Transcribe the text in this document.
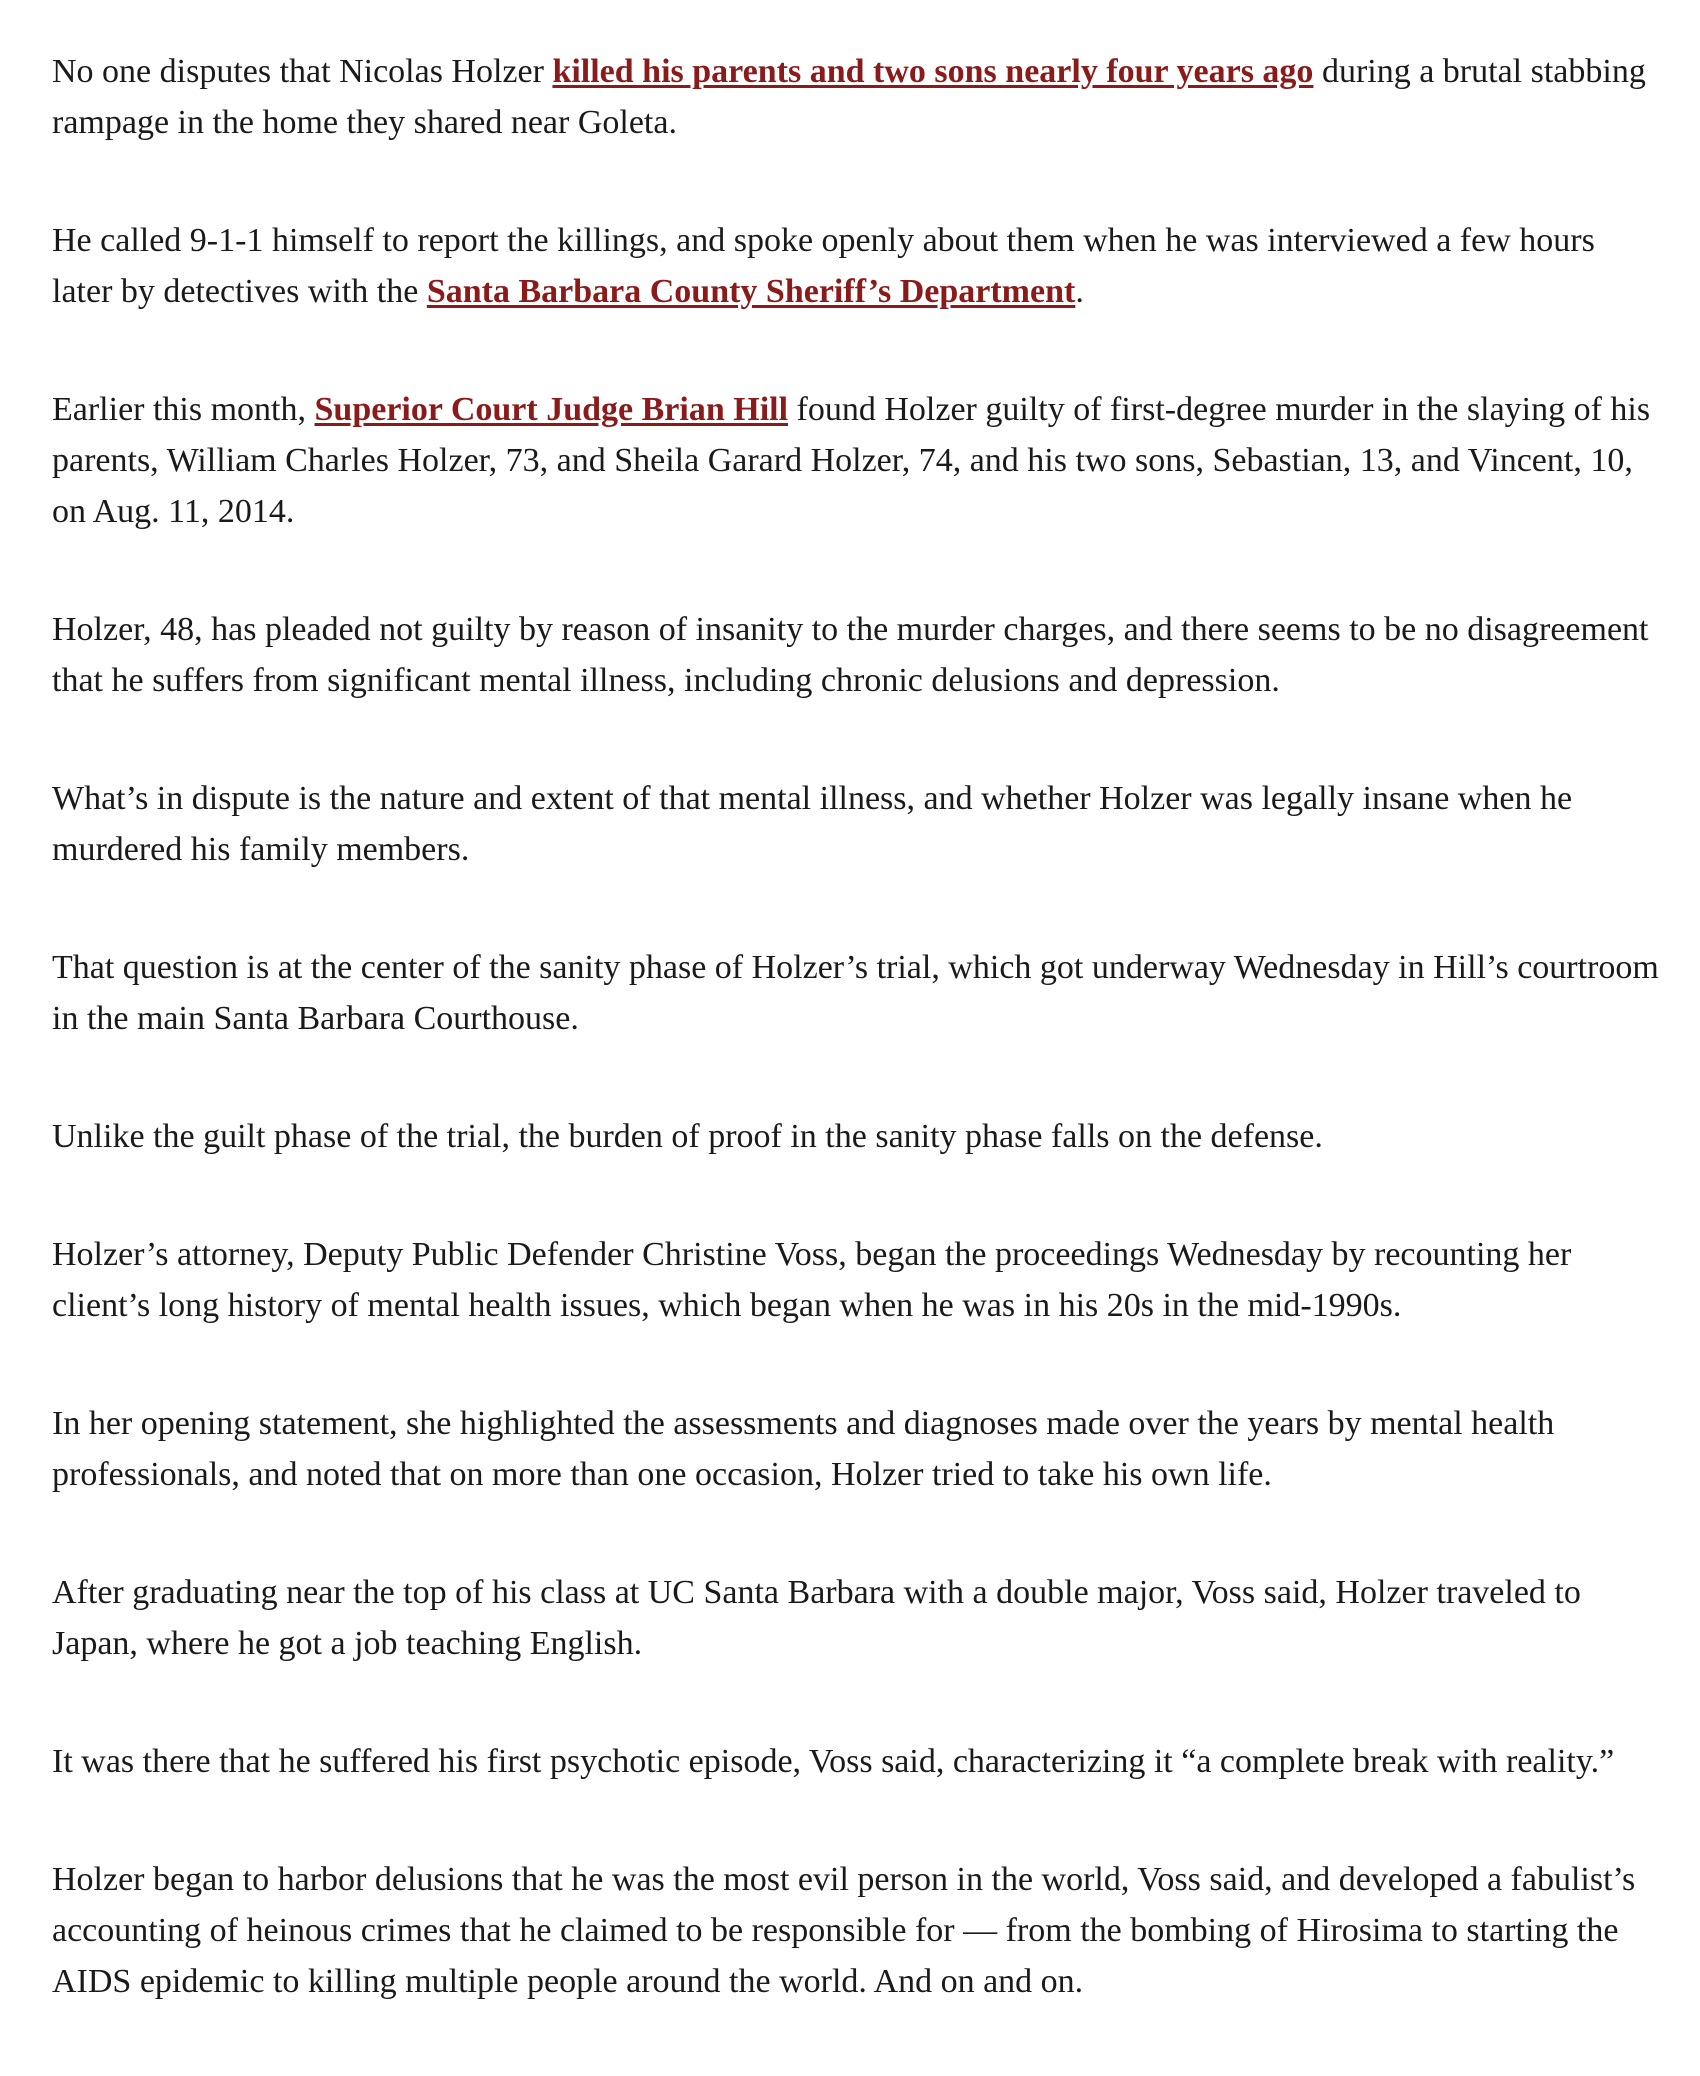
No one disputes that Nicolas Holzer killed his parents and two sons nearly four years ago during a brutal stabbing rampage in the home they shared near Goleta.

He called 9-1-1 himself to report the killings, and spoke openly about them when he was interviewed a few hours later by detectives with the Santa Barbara County Sheriff’s Department.

Earlier this month, Superior Court Judge Brian Hill found Holzer guilty of first-degree murder in the slaying of his parents, William Charles Holzer, 73, and Sheila Garard Holzer, 74, and his two sons, Sebastian, 13, and Vincent, 10, on Aug. 11, 2014.

Holzer, 48, has pleaded not guilty by reason of insanity to the murder charges, and there seems to be no disagreement that he suffers from significant mental illness, including chronic delusions and depression.

What’s in dispute is the nature and extent of that mental illness, and whether Holzer was legally insane when he murdered his family members.

That question is at the center of the sanity phase of Holzer’s trial, which got underway Wednesday in Hill’s courtroom in the main Santa Barbara Courthouse.

Unlike the guilt phase of the trial, the burden of proof in the sanity phase falls on the defense.

Holzer’s attorney, Deputy Public Defender Christine Voss, began the proceedings Wednesday by recounting her client’s long history of mental health issues, which began when he was in his 20s in the mid-1990s.

In her opening statement, she highlighted the assessments and diagnoses made over the years by mental health professionals, and noted that on more than one occasion, Holzer tried to take his own life.

After graduating near the top of his class at UC Santa Barbara with a double major, Voss said, Holzer traveled to Japan, where he got a job teaching English.

It was there that he suffered his first psychotic episode, Voss said, characterizing it “a complete break with reality.”

Holzer began to harbor delusions that he was the most evil person in the world, Voss said, and developed a fabulist’s accounting of heinous crimes that he claimed to be responsible for — from the bombing of Hirosima to starting the AIDS epidemic to killing multiple people around the world. And on and on.
